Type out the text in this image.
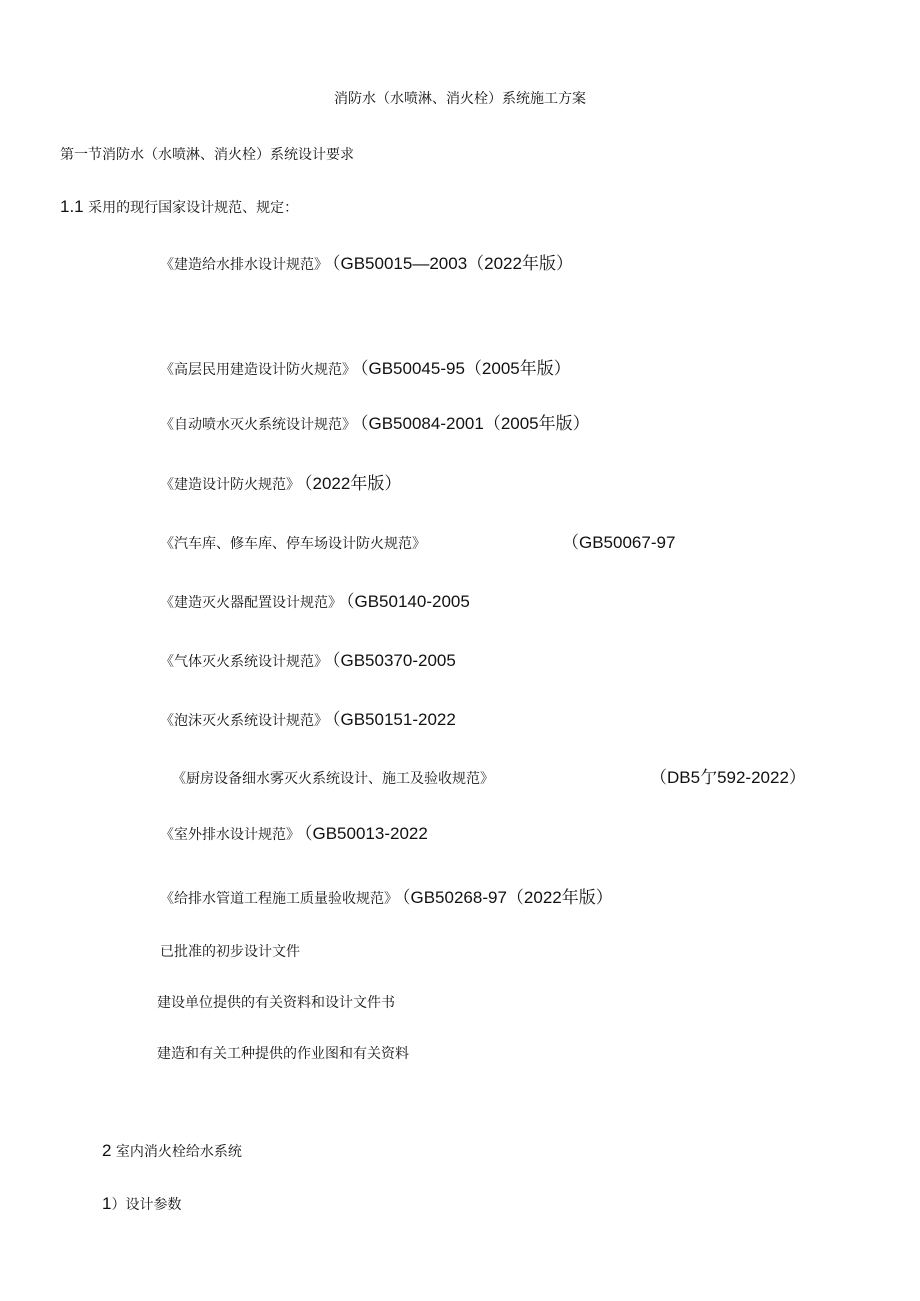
消防水（水喷淋、消火栓）系统施工方案
第一节消防水（水喷淋、消火栓）系统设计要求
1.1 采用的现行国家设计规范、规定：
《建造给水排水设计规范》 （GB50015—2003（2022年版）
《高层民用建造设计防火规范》 （GB50045-95（2005年版）
《自动喷水灭火系统设计规范》 （GB50084-2001（2005年版）
《建造设计防火规范》 （2022年版）
《汽车库、修车库、停车场设计防火规范》	（GB50067-97
《建造灭火器配置设计规范》 （GB50140-2005
《气体灭火系统设计规范》 （GB50370-2005
《泡沫灭火系统设计规范》 （GB50151-2022
《厨房设备细水雾灭火系统设计、施工及验收规范》	（DB5亇592-2022）
《室外排水设计规范》 （GB50013-2022
《给排水管道工程施工质量验收规范》 （GB50268-97（2022年版）
已批准的初步设计文件
建设单位提供的有关资料和设计文件书
建造和有关工种提供的作业图和有关资料
2 室内消火栓给水系统
1）设计参数
